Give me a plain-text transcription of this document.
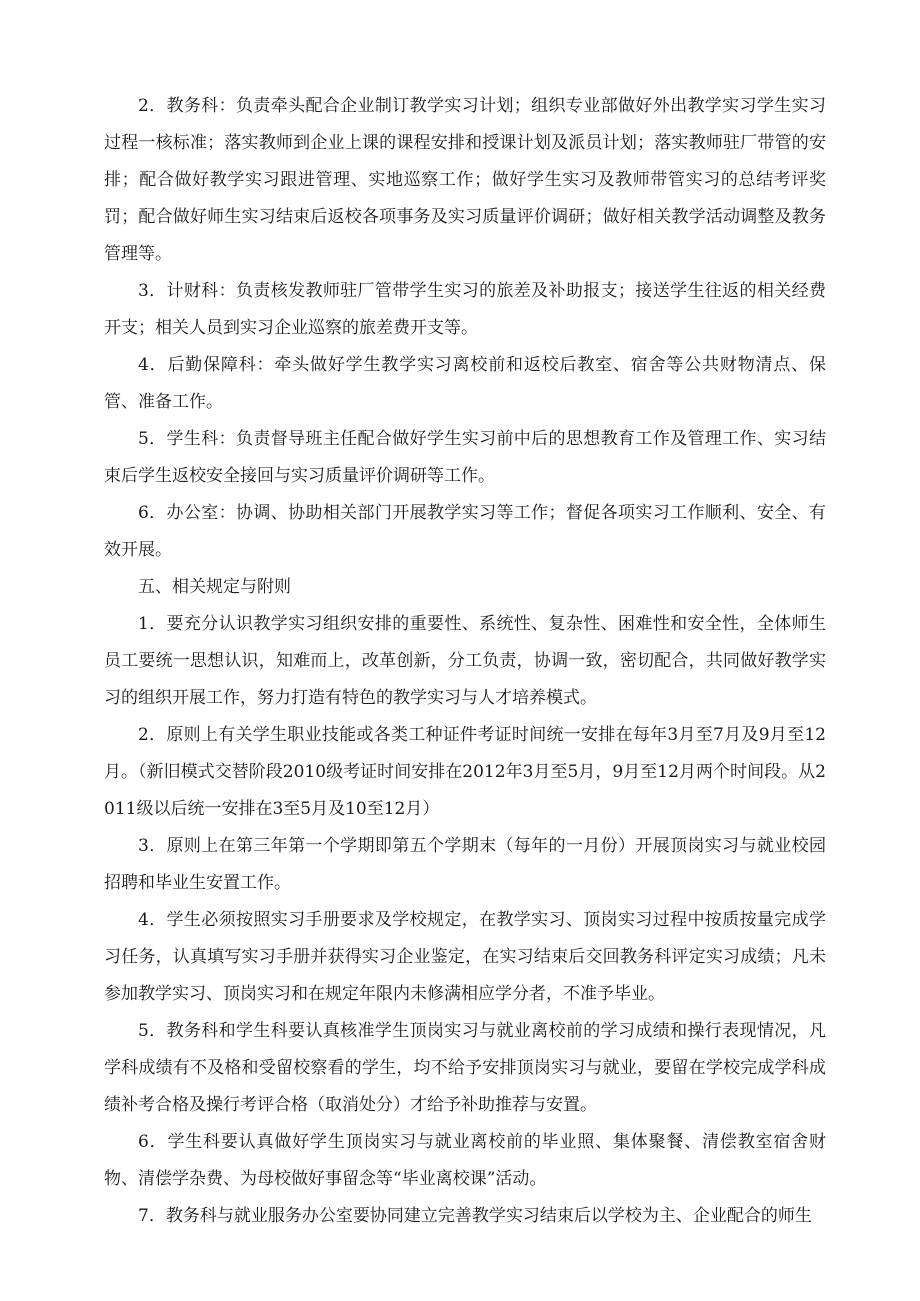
2．教务科：负责牵头配合企业制订教学实习计划；组织专业部做好外出教学实习学生实习过程一核标准；落实教师到企业上课的课程安排和授课计划及派员计划；落实教师驻厂带管的安排；配合做好教学实习跟进管理、实地巡察工作；做好学生实习及教师带管实习的总结考评奖罚；配合做好师生实习结束后返校各项事务及实习质量评价调研；做好相关教学活动调整及教务管理等。

3．计财科：负责核发教师驻厂管带学生实习的旅差及补助报支；接送学生往返的相关经费开支；相关人员到实习企业巡察的旅差费开支等。

4．后勤保障科：牵头做好学生教学实习离校前和返校后教室、宿舍等公共财物清点、保管、准备工作。

5．学生科：负责督导班主任配合做好学生实习前中后的思想教育工作及管理工作、实习结束后学生返校安全接回与实习质量评价调研等工作。

6．办公室：协调、协助相关部门开展教学实习等工作；督促各项实习工作顺利、安全、有效开展。

五、相关规定与附则

1．要充分认识教学实习组织安排的重要性、系统性、复杂性、困难性和安全性，全体师生员工要统一思想认识，知难而上，改革创新，分工负责，协调一致，密切配合，共同做好教学实习的组织开展工作，努力打造有特色的教学实习与人才培养模式。

2．原则上有关学生职业技能或各类工种证件考证时间统一安排在每年3月至7月及9月至12月。（新旧模式交替阶段2010级考证时间安排在2012年3月至5月，9月至12月两个时间段。从2011级以后统一安排在3至5月及10至12月）

3．原则上在第三年第一个学期即第五个学期末（每年的一月份）开展顶岗实习与就业校园招聘和毕业生安置工作。

4．学生必须按照实习手册要求及学校规定，在教学实习、顶岗实习过程中按质按量完成学习任务，认真填写实习手册并获得实习企业鉴定，在实习结束后交回教务科评定实习成绩；凡未参加教学实习、顶岗实习和在规定年限内未修满相应学分者，不准予毕业。

5．教务科和学生科要认真核准学生顶岗实习与就业离校前的学习成绩和操行表现情况，凡学科成绩有不及格和受留校察看的学生，均不给予安排顶岗实习与就业，要留在学校完成学科成绩补考合格及操行考评合格（取消处分）才给予补助推荐与安置。

6．学生科要认真做好学生顶岗实习与就业离校前的毕业照、集体聚餐、清偿教室宿舍财物、清偿学杂费、为母校做好事留念等“毕业离校课”活动。

7．教务科与就业服务办公室要协同建立完善教学实习结束后以学校为主、企业配合的师生
